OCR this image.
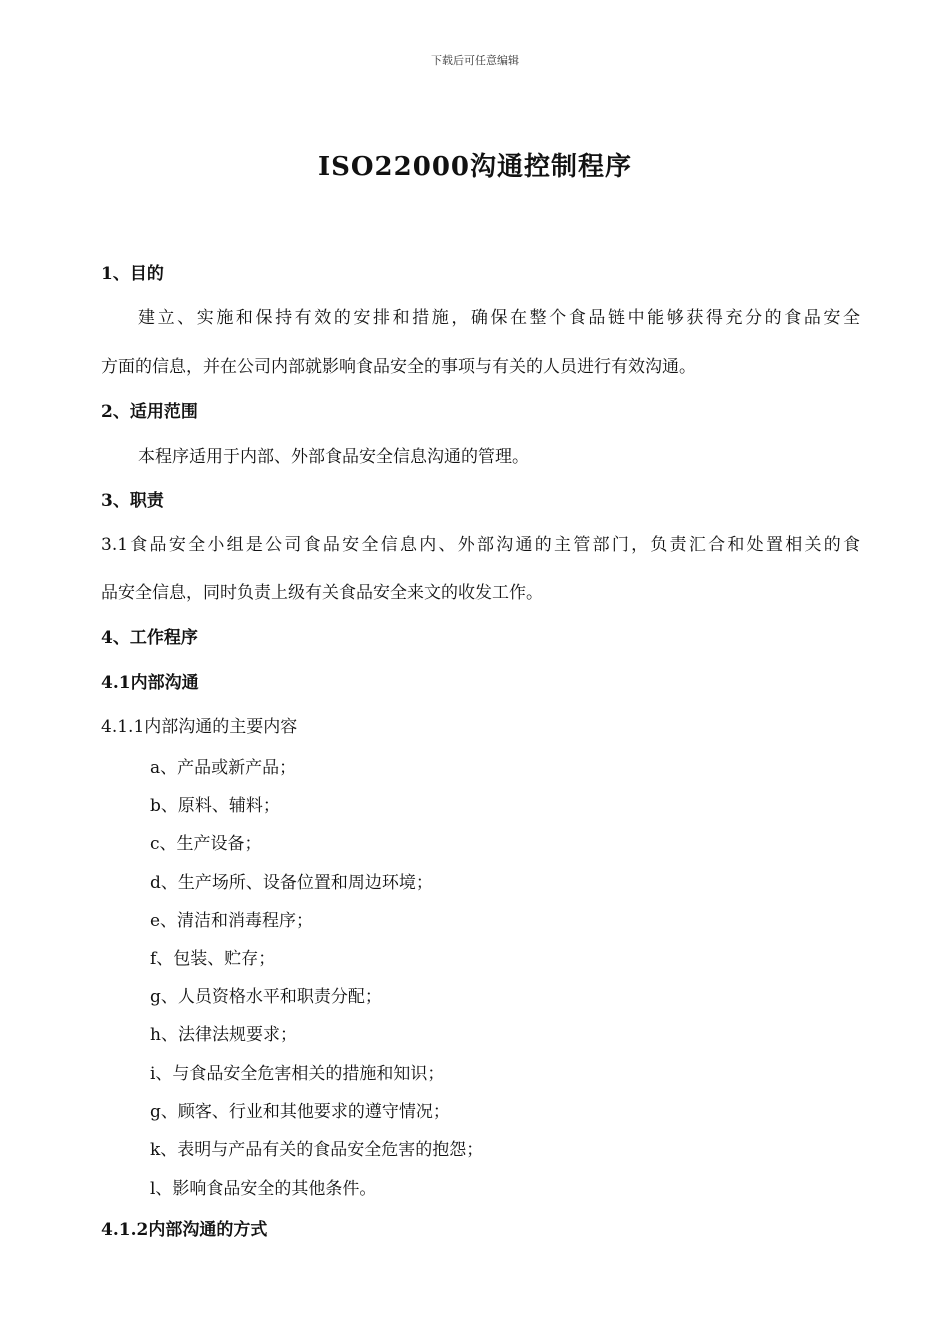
下载后可任意编辑
ISO22000沟通控制程序
1、目的
建立、实施和保持有效的安排和措施，确保在整个食品链中能够获得充分的食品安全
方面的信息，并在公司内部就影响食品安全的事项与有关的人员进行有效沟通。
2、适用范围
本程序适用于内部、外部食品安全信息沟通的管理。
3、职责
3.1食品安全小组是公司食品安全信息内、外部沟通的主管部门，负责汇合和处置相关的食
品安全信息，同时负责上级有关食品安全来文的收发工作。
4、工作程序
4.1内部沟通
4.1.1内部沟通的主要内容
a、产品或新产品；
b、原料、辅料；
c、生产设备；
d、生产场所、设备位置和周边环境；
e、清洁和消毒程序；
f、包装、贮存；
g、人员资格水平和职责分配；
h、法律法规要求；
i、与食品安全危害相关的措施和知识；
g、顾客、行业和其他要求的遵守情况；
k、表明与产品有关的食品安全危害的抱怨；
l、影响食品安全的其他条件。
4.1.2内部沟通的方式
